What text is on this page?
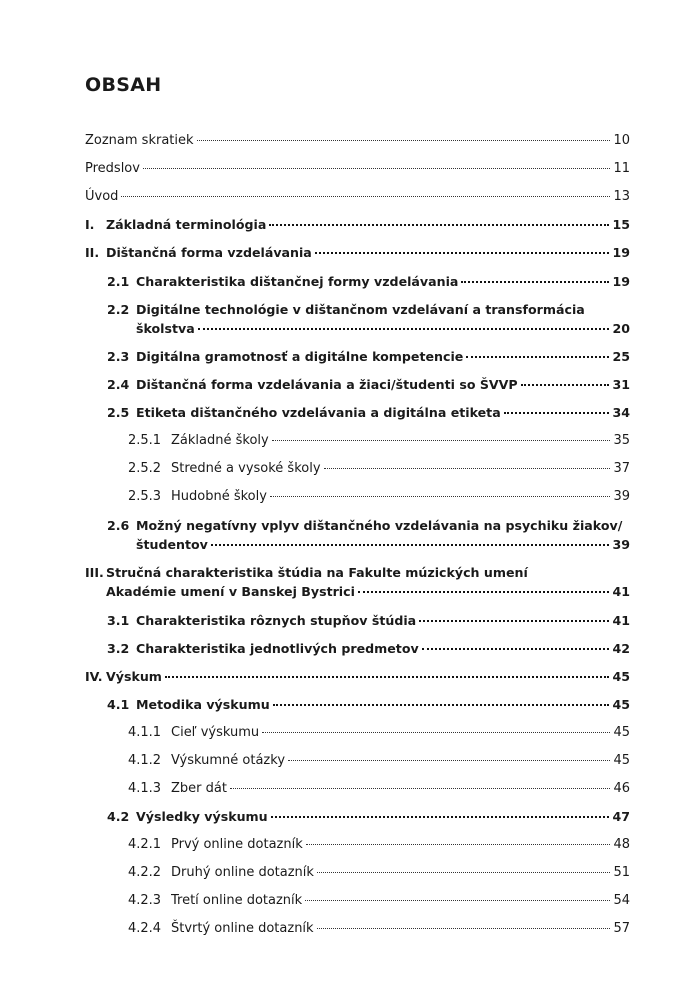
OBSAH
Zoznam skratiek	10
Predslov	11
Úvod	13
I. Základná terminológia	15
II. Dištančná forma vzdelávania	19
2.1 Charakteristika dištančnej formy vzdelávania	19
2.2 Digitálne technológie v dištančnom vzdelávaní a transformácia
školstva	20
2.3 Digitálna gramotnosť a digitálne kompetencie	25
2.4 Dištančná forma vzdelávania a žiaci/študenti so ŠVVP	31
2.5 Etiketa dištančného vzdelávania a digitálna etiketa	34
2.5.1 Základné školy	35
2.5.2 Stredné a vysoké školy	37
2.5.3 Hudobné školy	39
2.6 Možný negatívny vplyv dištančného vzdelávania na psychiku žiakov/
študentov	39
III. Stručná charakteristika štúdia na Fakulte múzických umení
Akadémie umení v Banskej Bystrici	41
3.1 Charakteristika rôznych stupňov štúdia	41
3.2 Charakteristika jednotlivých predmetov	42
IV. Výskum	45
4.1 Metodika výskumu	45
4.1.1 Cieľ výskumu	45
4.1.2 Výskumné otázky	45
4.1.3 Zber dát	46
4.2 Výsledky výskumu	47
4.2.1 Prvý online dotazník	48
4.2.2 Druhý online dotazník	51
4.2.3 Tretí online dotazník	54
4.2.4 Štvrtý online dotazník	57
